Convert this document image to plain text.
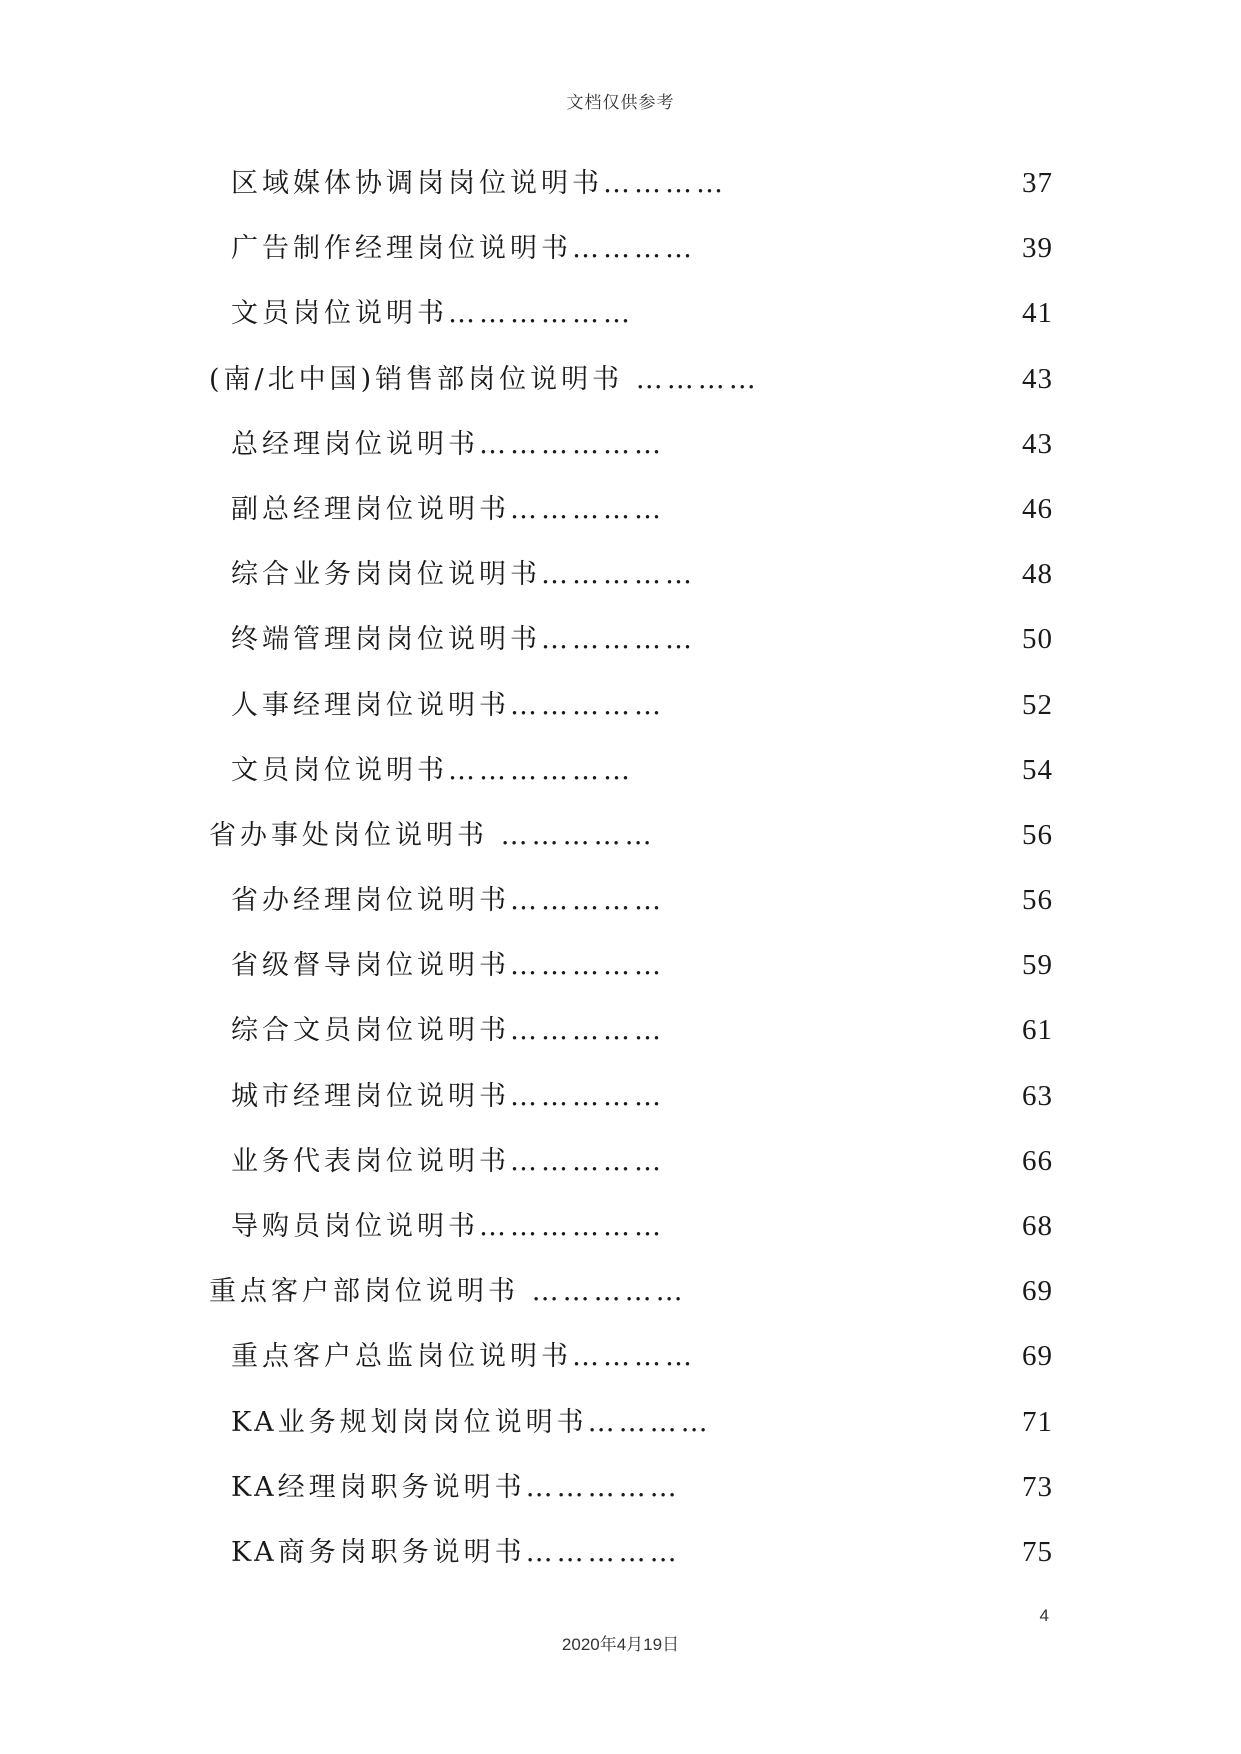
文档仅供参考
区域媒体协调岗岗位说明书…………	37
广告制作经理岗位说明书…………	39
文员岗位说明书………………	41
(南/北中国)销售部岗位说明书 …………	43
总经理岗位说明书………………	43
副总经理岗位说明书……………	46
综合业务岗岗位说明书……………	48
终端管理岗岗位说明书……………	50
人事经理岗位说明书……………	52
文员岗位说明书………………	54
省办事处岗位说明书 ……………	56
省办经理岗位说明书……………	56
省级督导岗位说明书……………	59
综合文员岗位说明书……………	61
城市经理岗位说明书……………	63
业务代表岗位说明书……………	66
导购员岗位说明书………………	68
重点客户部岗位说明书 ……………	69
重点客户总监岗位说明书…………	69
KA业务规划岗岗位说明书…………	71
KA经理岗职务说明书……………	73
KA商务岗职务说明书……………	75
4
2020年4月19日
